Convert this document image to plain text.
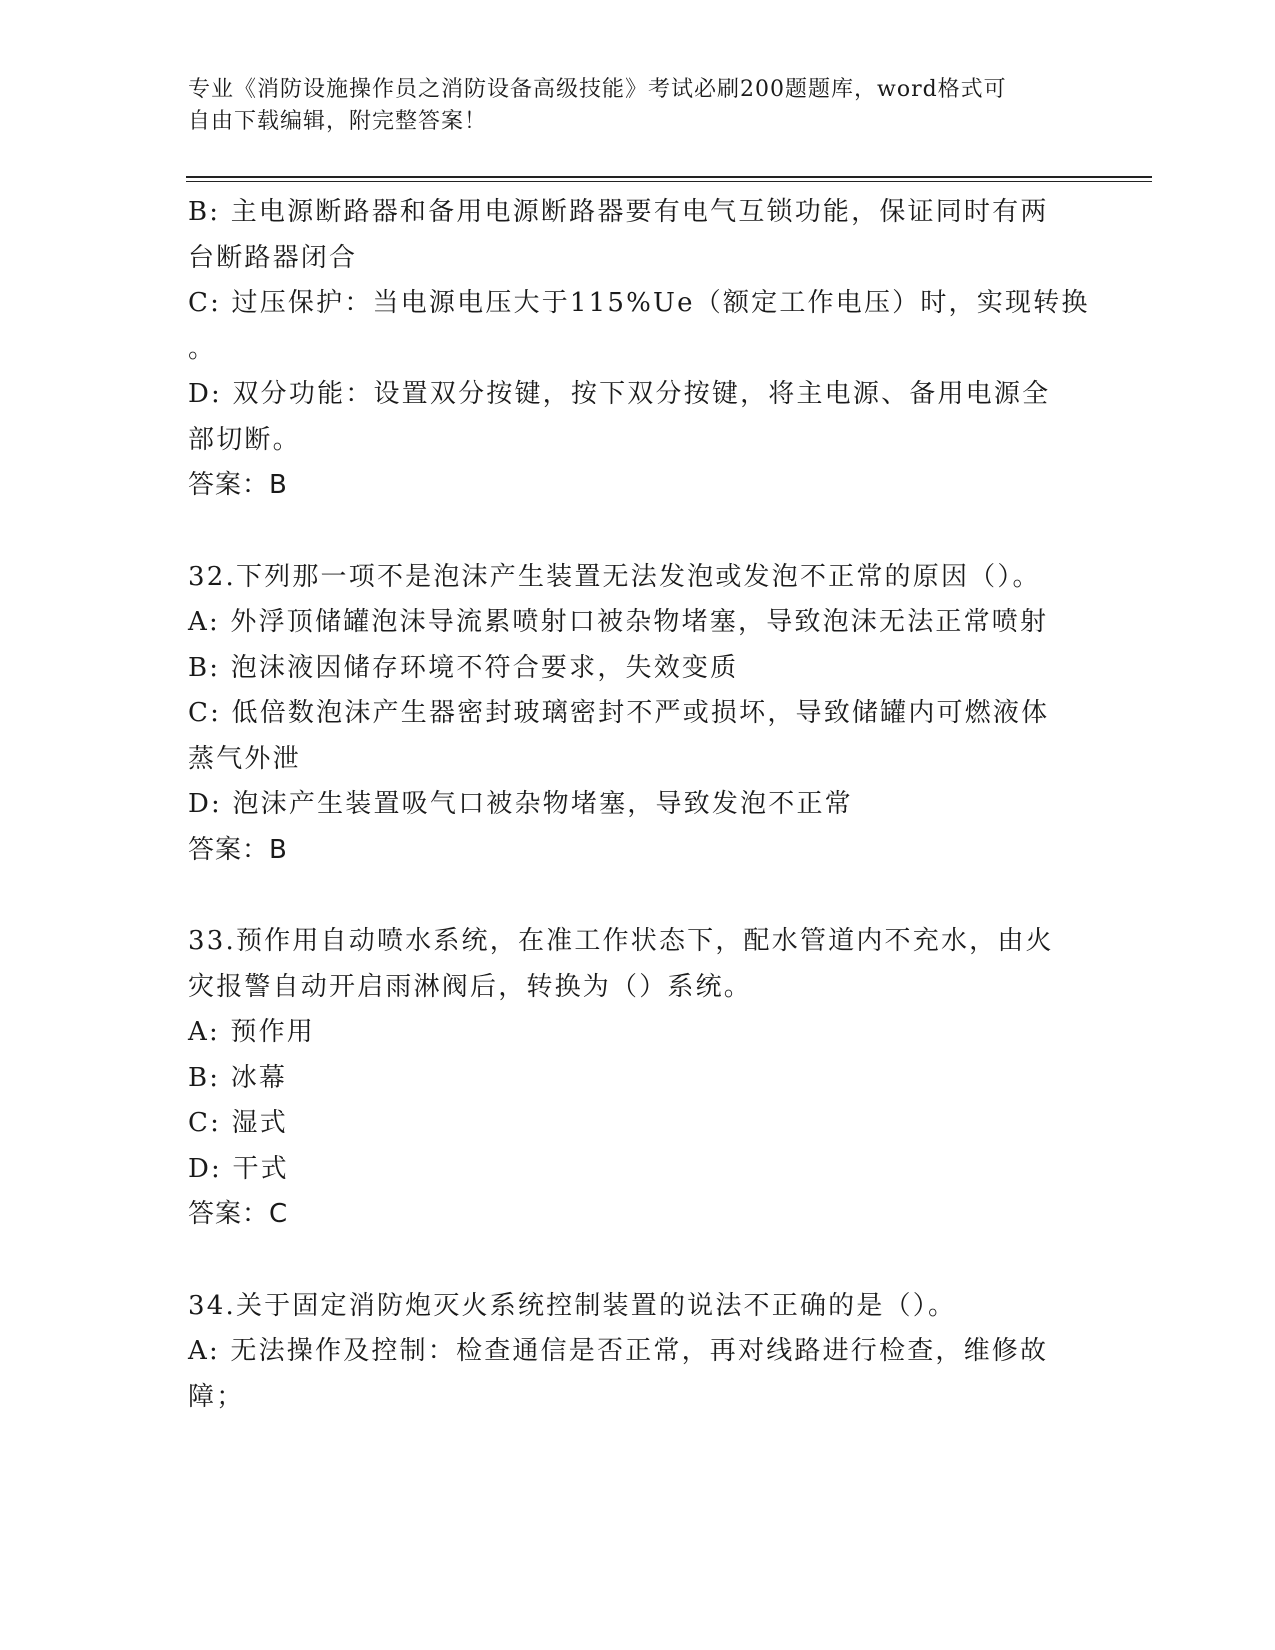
专业《消防设施操作员之消防设备高级技能》考试必刷200题题库，word格式可
自由下载编辑，附完整答案！
B: 主电源断路器和备用电源断路器要有电气互锁功能，保证同时有两
台断路器闭合
C: 过压保护：当电源电压大于115%Ue（额定工作电压）时，实现转换
。
D: 双分功能：设置双分按键，按下双分按键，将主电源、备用电源全
部切断。
答案：B
32.下列那一项不是泡沫产生装置无法发泡或发泡不正常的原因（）。
A: 外浮顶储罐泡沫导流累喷射口被杂物堵塞，导致泡沫无法正常喷射
B: 泡沫液因储存环境不符合要求，失效变质
C: 低倍数泡沫产生器密封玻璃密封不严或损坏，导致储罐内可燃液体
蒸气外泄
D: 泡沫产生装置吸气口被杂物堵塞，导致发泡不正常
答案：B
33.预作用自动喷水系统，在准工作状态下，配水管道内不充水，由火
灾报警自动开启雨淋阀后，转换为（）系统。
A: 预作用
B: 冰幕
C: 湿式
D: 干式
答案：C
34.关于固定消防炮灭火系统控制装置的说法不正确的是（）。
A: 无法操作及控制：检查通信是否正常，再对线路进行检查，维修故
障；
